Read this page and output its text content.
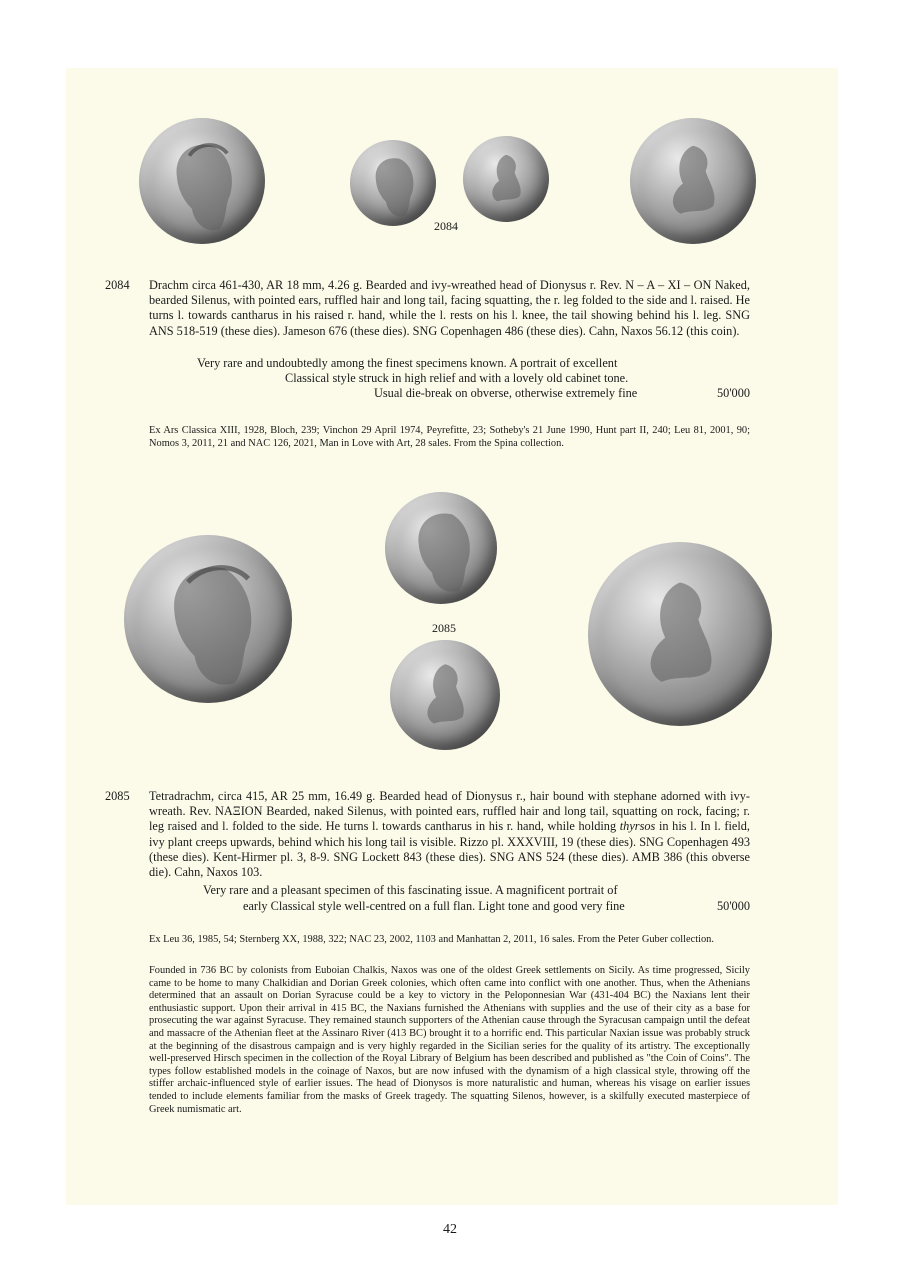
2084
2084 Drachm circa 461-430, AR 18 mm, 4.26 g. Bearded and ivy-wreathed head of Dionysus r. Rev. N – A – XI – ON Naked, bearded Silenus, with pointed ears, ruffled hair and long tail, facing squatting, the r. leg folded to the side and l. raised. He turns l. towards cantharus in his raised r. hand, while the l. rests on his l. knee, the tail showing behind his l. leg. SNG ANS 518-519 (these dies). Jameson 676 (these dies). SNG Copenhagen 486 (these dies). Cahn, Naxos 56.12 (this coin).
Very rare and undoubtedly among the finest specimens known. A portrait of excellent
Classical style struck in high relief and with a lovely old cabinet tone.
Usual die-break on obverse, otherwise extremely fine	50'000
Ex Ars Classica XIII, 1928, Bloch, 239; Vinchon 29 April 1974, Peyrefitte, 23; Sotheby's 21 June 1990, Hunt part II, 240; Leu 81, 2001, 90; Nomos 3, 2011, 21 and NAC 126, 2021, Man in Love with Art, 28 sales. From the Spina collection.
2085
2085 Tetradrachm, circa 415, AR 25 mm, 16.49 g. Bearded head of Dionysus r., hair bound with stephane adorned with ivy-wreath. Rev. ΝΑΞΙΟΝ Bearded, naked Silenus, with pointed ears, ruffled hair and long tail, squatting on rock, facing; r. leg raised and l. folded to the side. He turns l. towards cantharus in his r. hand, while holding thyrsos in his l. In l. field, ivy plant creeps upwards, behind which his long tail is visible. Rizzo pl. XXXVIII, 19 (these dies). SNG Copenhagen 493 (these dies). Kent-Hirmer pl. 3, 8-9. SNG Lockett 843 (these dies). SNG ANS 524 (these dies). AMB 386 (this obverse die). Cahn, Naxos 103.
Very rare and a pleasant specimen of this fascinating issue. A magnificent portrait of
early Classical style well-centred on a full flan. Light tone and good very fine	50'000
Ex Leu 36, 1985, 54; Sternberg XX, 1988, 322; NAC 23, 2002, 1103 and Manhattan 2, 2011, 16 sales. From the Peter Guber collection.
Founded in 736 BC by colonists from Euboian Chalkis, Naxos was one of the oldest Greek settlements on Sicily. As time progressed, Sicily came to be home to many Chalkidian and Dorian Greek colonies, which often came into conflict with one another. Thus, when the Athenians determined that an assault on Dorian Syracuse could be a key to victory in the Peloponnesian War (431-404 BC) the Naxians lent their enthusiastic support. Upon their arrival in 415 BC, the Naxians furnished the Athenians with supplies and the use of their city as a base for prosecuting the war against Syracuse. They remained staunch supporters of the Athenian cause through the Syracusan campaign until the defeat and massacre of the Athenian fleet at the Assinaro River (413 BC) brought it to a horrific end. This particular Naxian issue was probably struck at the beginning of the disastrous campaign and is very highly regarded in the Sicilian series for the quality of its artistry. The exceptionally well-preserved Hirsch specimen in the collection of the Royal Library of Belgium has been described and published as "the Coin of Coins". The types follow established models in the coinage of Naxos, but are now infused with the dynamism of a high classical style, throwing off the stiffer archaic-influenced style of earlier issues. The head of Dionysos is more naturalistic and human, whereas his visage on earlier issues tended to include elements familiar from the masks of Greek tragedy. The squatting Silenos, however, is a skilfully executed masterpiece of Greek numismatic art.
42
